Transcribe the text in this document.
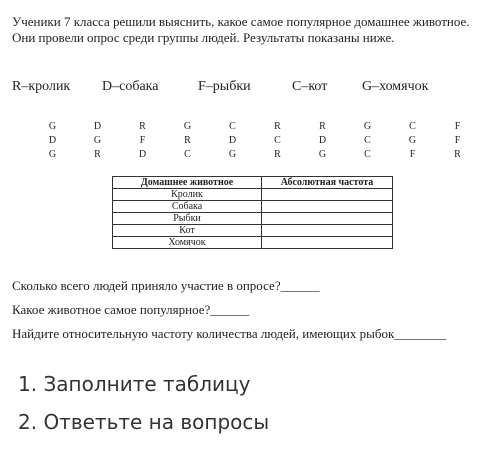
Ученики 7 класса решили выяснить, какое самое популярное домашнее животное. Они провели опрос среди группы людей. Результаты показаны ниже.
R–кролик	D–собака	F–рыбки	C–кот	G–хомячок
G	D	R	G	C	R	R	G	C	F
D	G	F	R	D	C	D	C	G	F
G	R	D	C	G	R	G	C	F	R
Домашнее животное	Абсолютная частота
Кролик	
Собака	
Рыбки	
Кот	
Хомячок	
Сколько всего людей приняло участие в опросе?______
Какое животное самое популярное?______
Найдите относительную частоту количества людей, имеющих рыбок________
1. Заполните таблицу
2. Ответьте на вопросы
